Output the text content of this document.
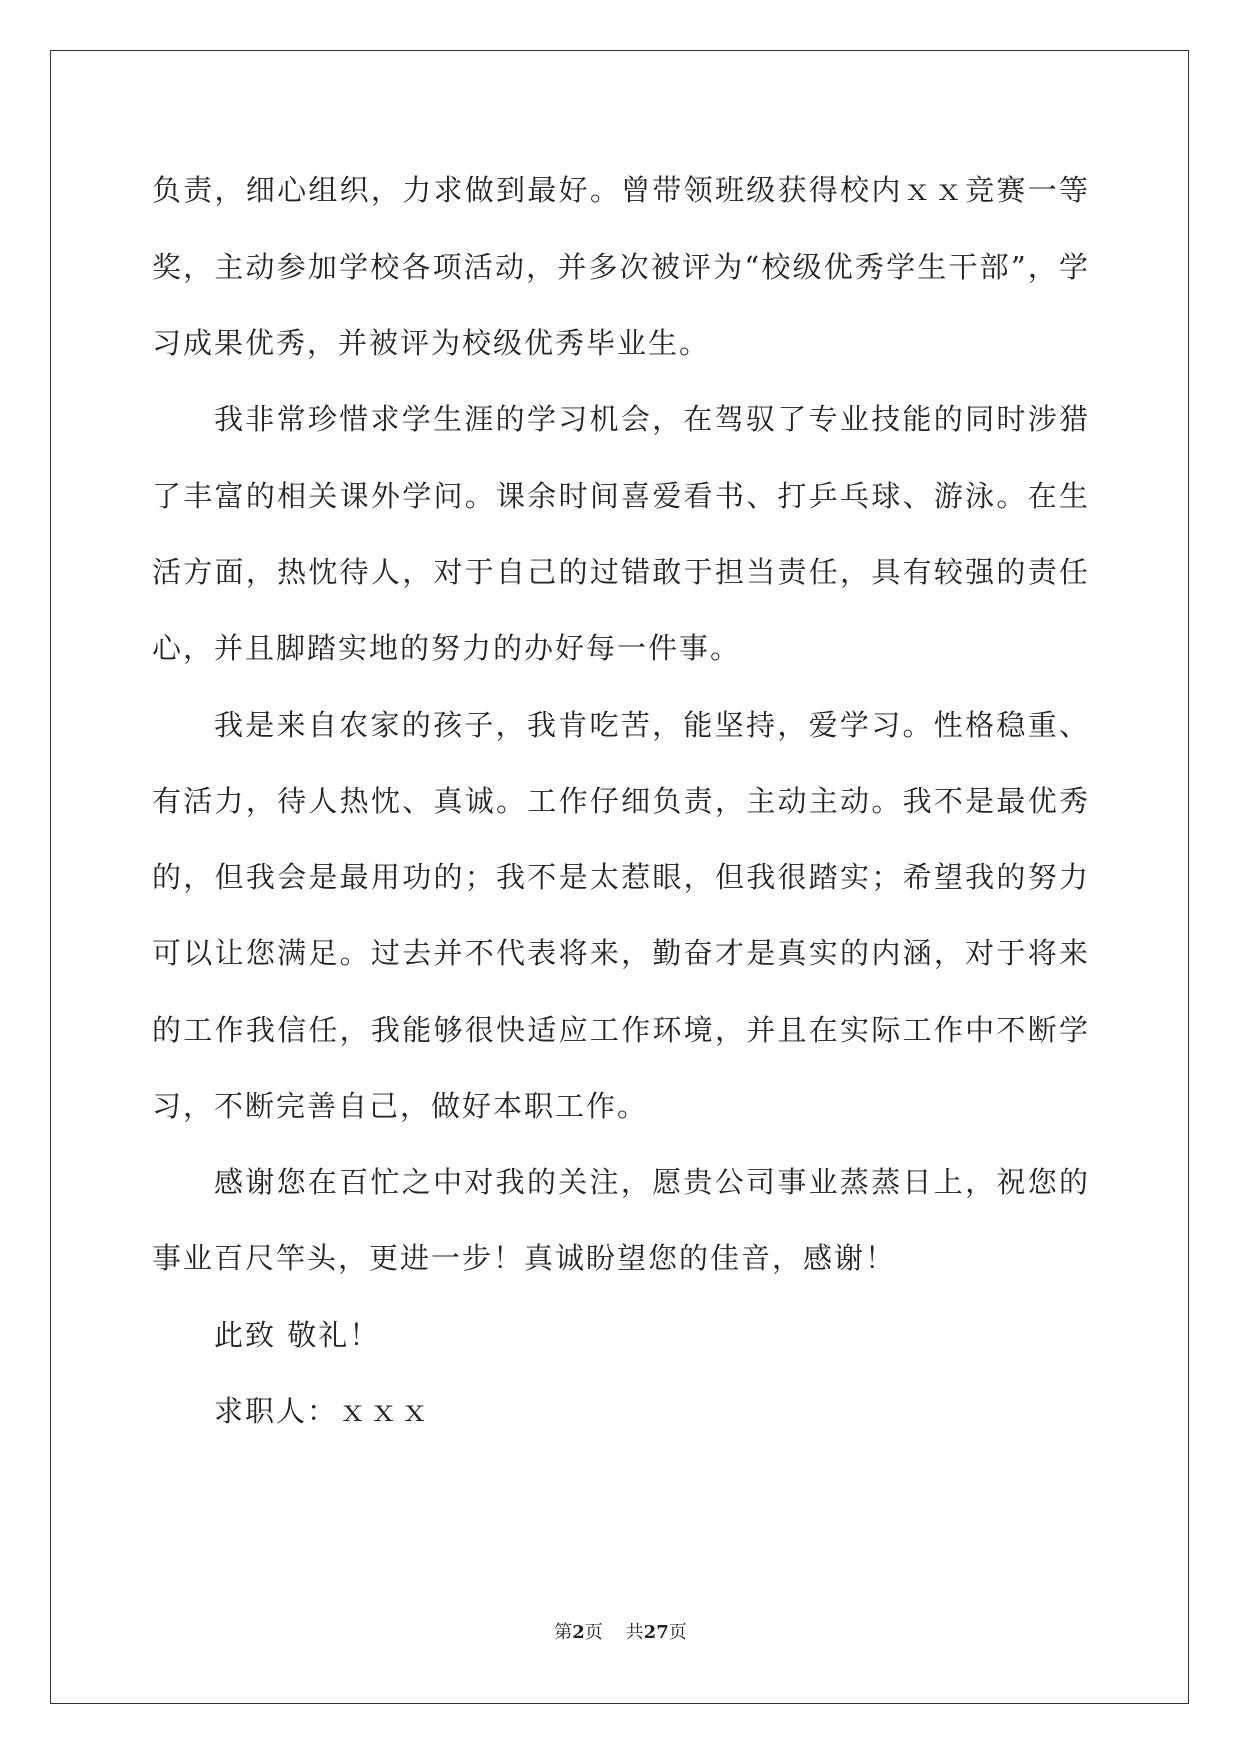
负责，细心组织，力求做到最好。曾带领班级获得校内ｘｘ竞赛一等
奖，主动参加学校各项活动，并多次被评为“校级优秀学生干部”，学
习成果优秀，并被评为校级优秀毕业生。
我非常珍惜求学生涯的学习机会，在驾驭了专业技能的同时涉猎
了丰富的相关课外学问。课余时间喜爱看书、打乒乓球、游泳。在生
活方面，热忱待人，对于自己的过错敢于担当责任，具有较强的责任
心，并且脚踏实地的努力的办好每一件事。
我是来自农家的孩子，我肯吃苦，能坚持，爱学习。性格稳重、
有活力，待人热忱、真诚。工作仔细负责，主动主动。我不是最优秀
的，但我会是最用功的；我不是太惹眼，但我很踏实；希望我的努力
可以让您满足。过去并不代表将来，勤奋才是真实的内涵，对于将来
的工作我信任，我能够很快适应工作环境，并且在实际工作中不断学
习，不断完善自己，做好本职工作。
感谢您在百忙之中对我的关注，愿贵公司事业蒸蒸日上，祝您的
事业百尺竿头，更进一步！真诚盼望您的佳音，感谢！
此致 敬礼！
求职人：ｘｘｘ
第2页 共27页
